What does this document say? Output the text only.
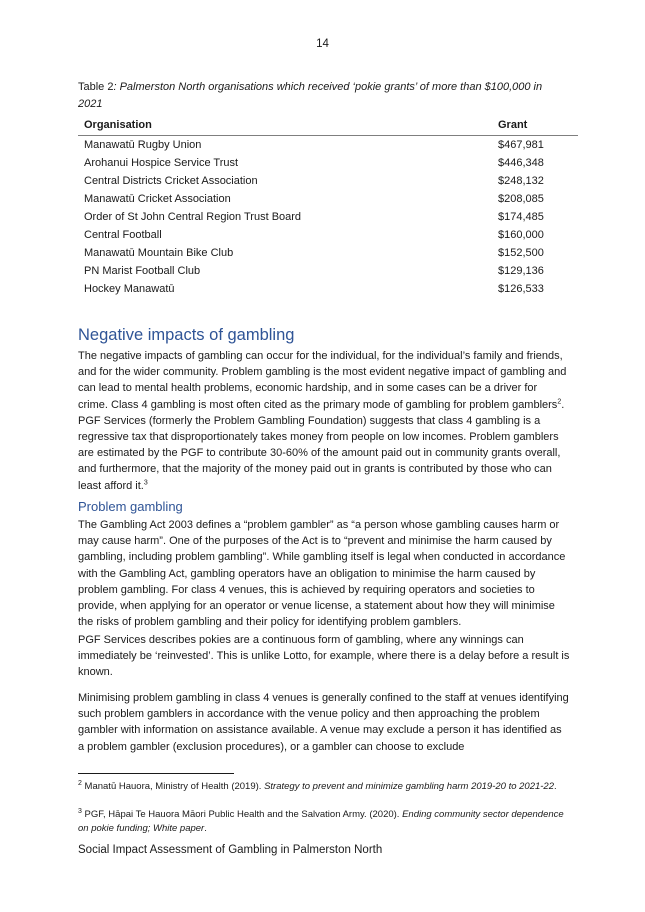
14
Table 2: Palmerston North organisations which received ‘pokie grants’ of more than $100,000 in 2021
Organisation	Grant
Manawatū Rugby Union	$467,981
Arohanui Hospice Service Trust	$446,348
Central Districts Cricket Association	$248,132
Manawatū Cricket Association	$208,085
Order of St John Central Region Trust Board	$174,485
Central Football	$160,000
Manawatū Mountain Bike Club	$152,500
PN Marist Football Club	$129,136
Hockey Manawatū	$126,533
Negative impacts of gambling

The negative impacts of gambling can occur for the individual, for the individual’s family and friends, and for the wider community. Problem gambling is the most evident negative impact of gambling and can lead to mental health problems, economic hardship, and in some cases can be a driver for crime. Class 4 gambling is most often cited as the primary mode of gambling for problem gamblers$^2$. PGF Services (formerly the Problem Gambling Foundation) suggests that class 4 gambling is a regressive tax that disproportionately takes money from people on low incomes. Problem gamblers are estimated by the PGF to contribute 30-60% of the amount paid out in community grants overall, and furthermore, that the majority of the money paid out in grants is contributed by those who can least afford it.$^3$

Problem gambling

The Gambling Act 2003 defines a “problem gambler” as “a person whose gambling causes harm or may cause harm”. One of the purposes of the Act is to “prevent and minimise the harm caused by gambling, including problem gambling”. While gambling itself is legal when conducted in accordance with the Gambling Act, gambling operators have an obligation to minimise the harm caused by problem gambling. For class 4 venues, this is achieved by requiring operators and societies to provide, when applying for an operator or venue license, a statement about how they will minimise the risks of problem gambling and their policy for identifying problem gamblers.

PGF Services describes pokies are a continuous form of gambling, where any winnings can immediately be ‘reinvested’. This is unlike Lotto, for example, where there is a delay before a result is known.

Minimising problem gambling in class 4 venues is generally confined to the staff at venues identifying such problem gamblers in accordance with the venue policy and then approaching the problem gambler with information on assistance available. A venue may exclude a person it has identified as a problem gambler (exclusion procedures), or a gambler can choose to exclude

$^2$ Manatū Hauora, Ministry of Health (2019). Strategy to prevent and minimize gambling harm 2019-20 to 2021-22.

$^3$ PGF, Hāpai Te Hauora Māori Public Health and the Salvation Army. (2020). Ending community sector dependence on pokie funding; White paper.

Social Impact Assessment of Gambling in Palmerston North
